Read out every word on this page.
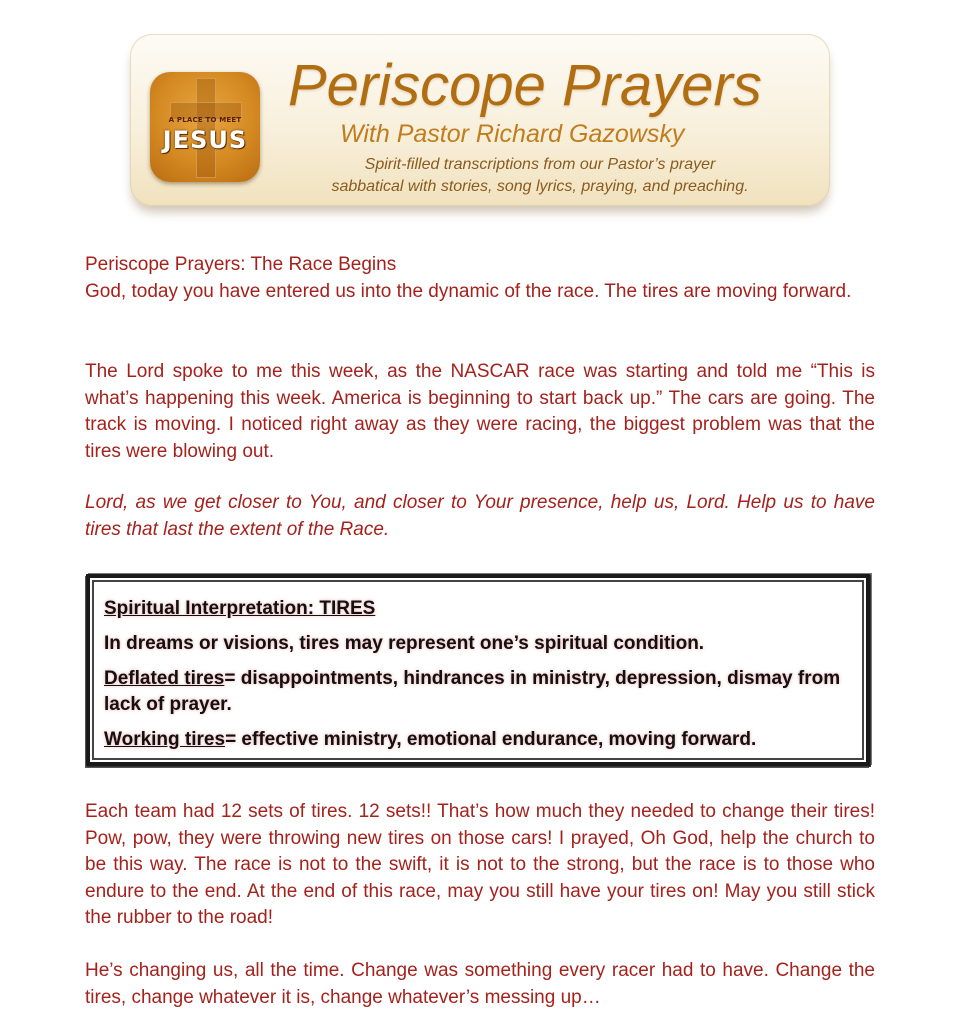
A PLACE TO MEET
JESUS
Periscope Prayers
With Pastor Richard Gazowsky
Spirit-filled transcriptions from our Pastor’s prayer
sabbatical with stories, song lyrics, praying, and preaching.
Periscope Prayers: The Race Begins
God, today you have entered us into the dynamic of the race. The tires are moving forward.

The Lord spoke to me this week, as the NASCAR race was starting and told me “This is what’s happening this week. America is beginning to start back up.” The cars are going. The track is moving. I noticed right away as they were racing, the biggest problem was that the tires were blowing out.

Lord, as we get closer to You, and closer to Your presence, help us, Lord. Help us to have tires that last the extent of the Race.

Spiritual Interpretation: TIRES

In dreams or visions, tires may represent one’s spiritual condition.

Deflated tires= disappointments, hindrances in ministry, depression, dismay from lack of prayer.

Working tires= effective ministry, emotional endurance, moving forward.

Each team had 12 sets of tires. 12 sets!! That’s how much they needed to change their tires! Pow, pow, they were throwing new tires on those cars! I prayed, Oh God, help the church to be this way. The race is not to the swift, it is not to the strong, but the race is to those who endure to the end. At the end of this race, may you still have your tires on! May you still stick the rubber to the road!

He’s changing us, all the time. Change was something every racer had to have. Change the tires, change whatever it is, change whatever’s messing up…
